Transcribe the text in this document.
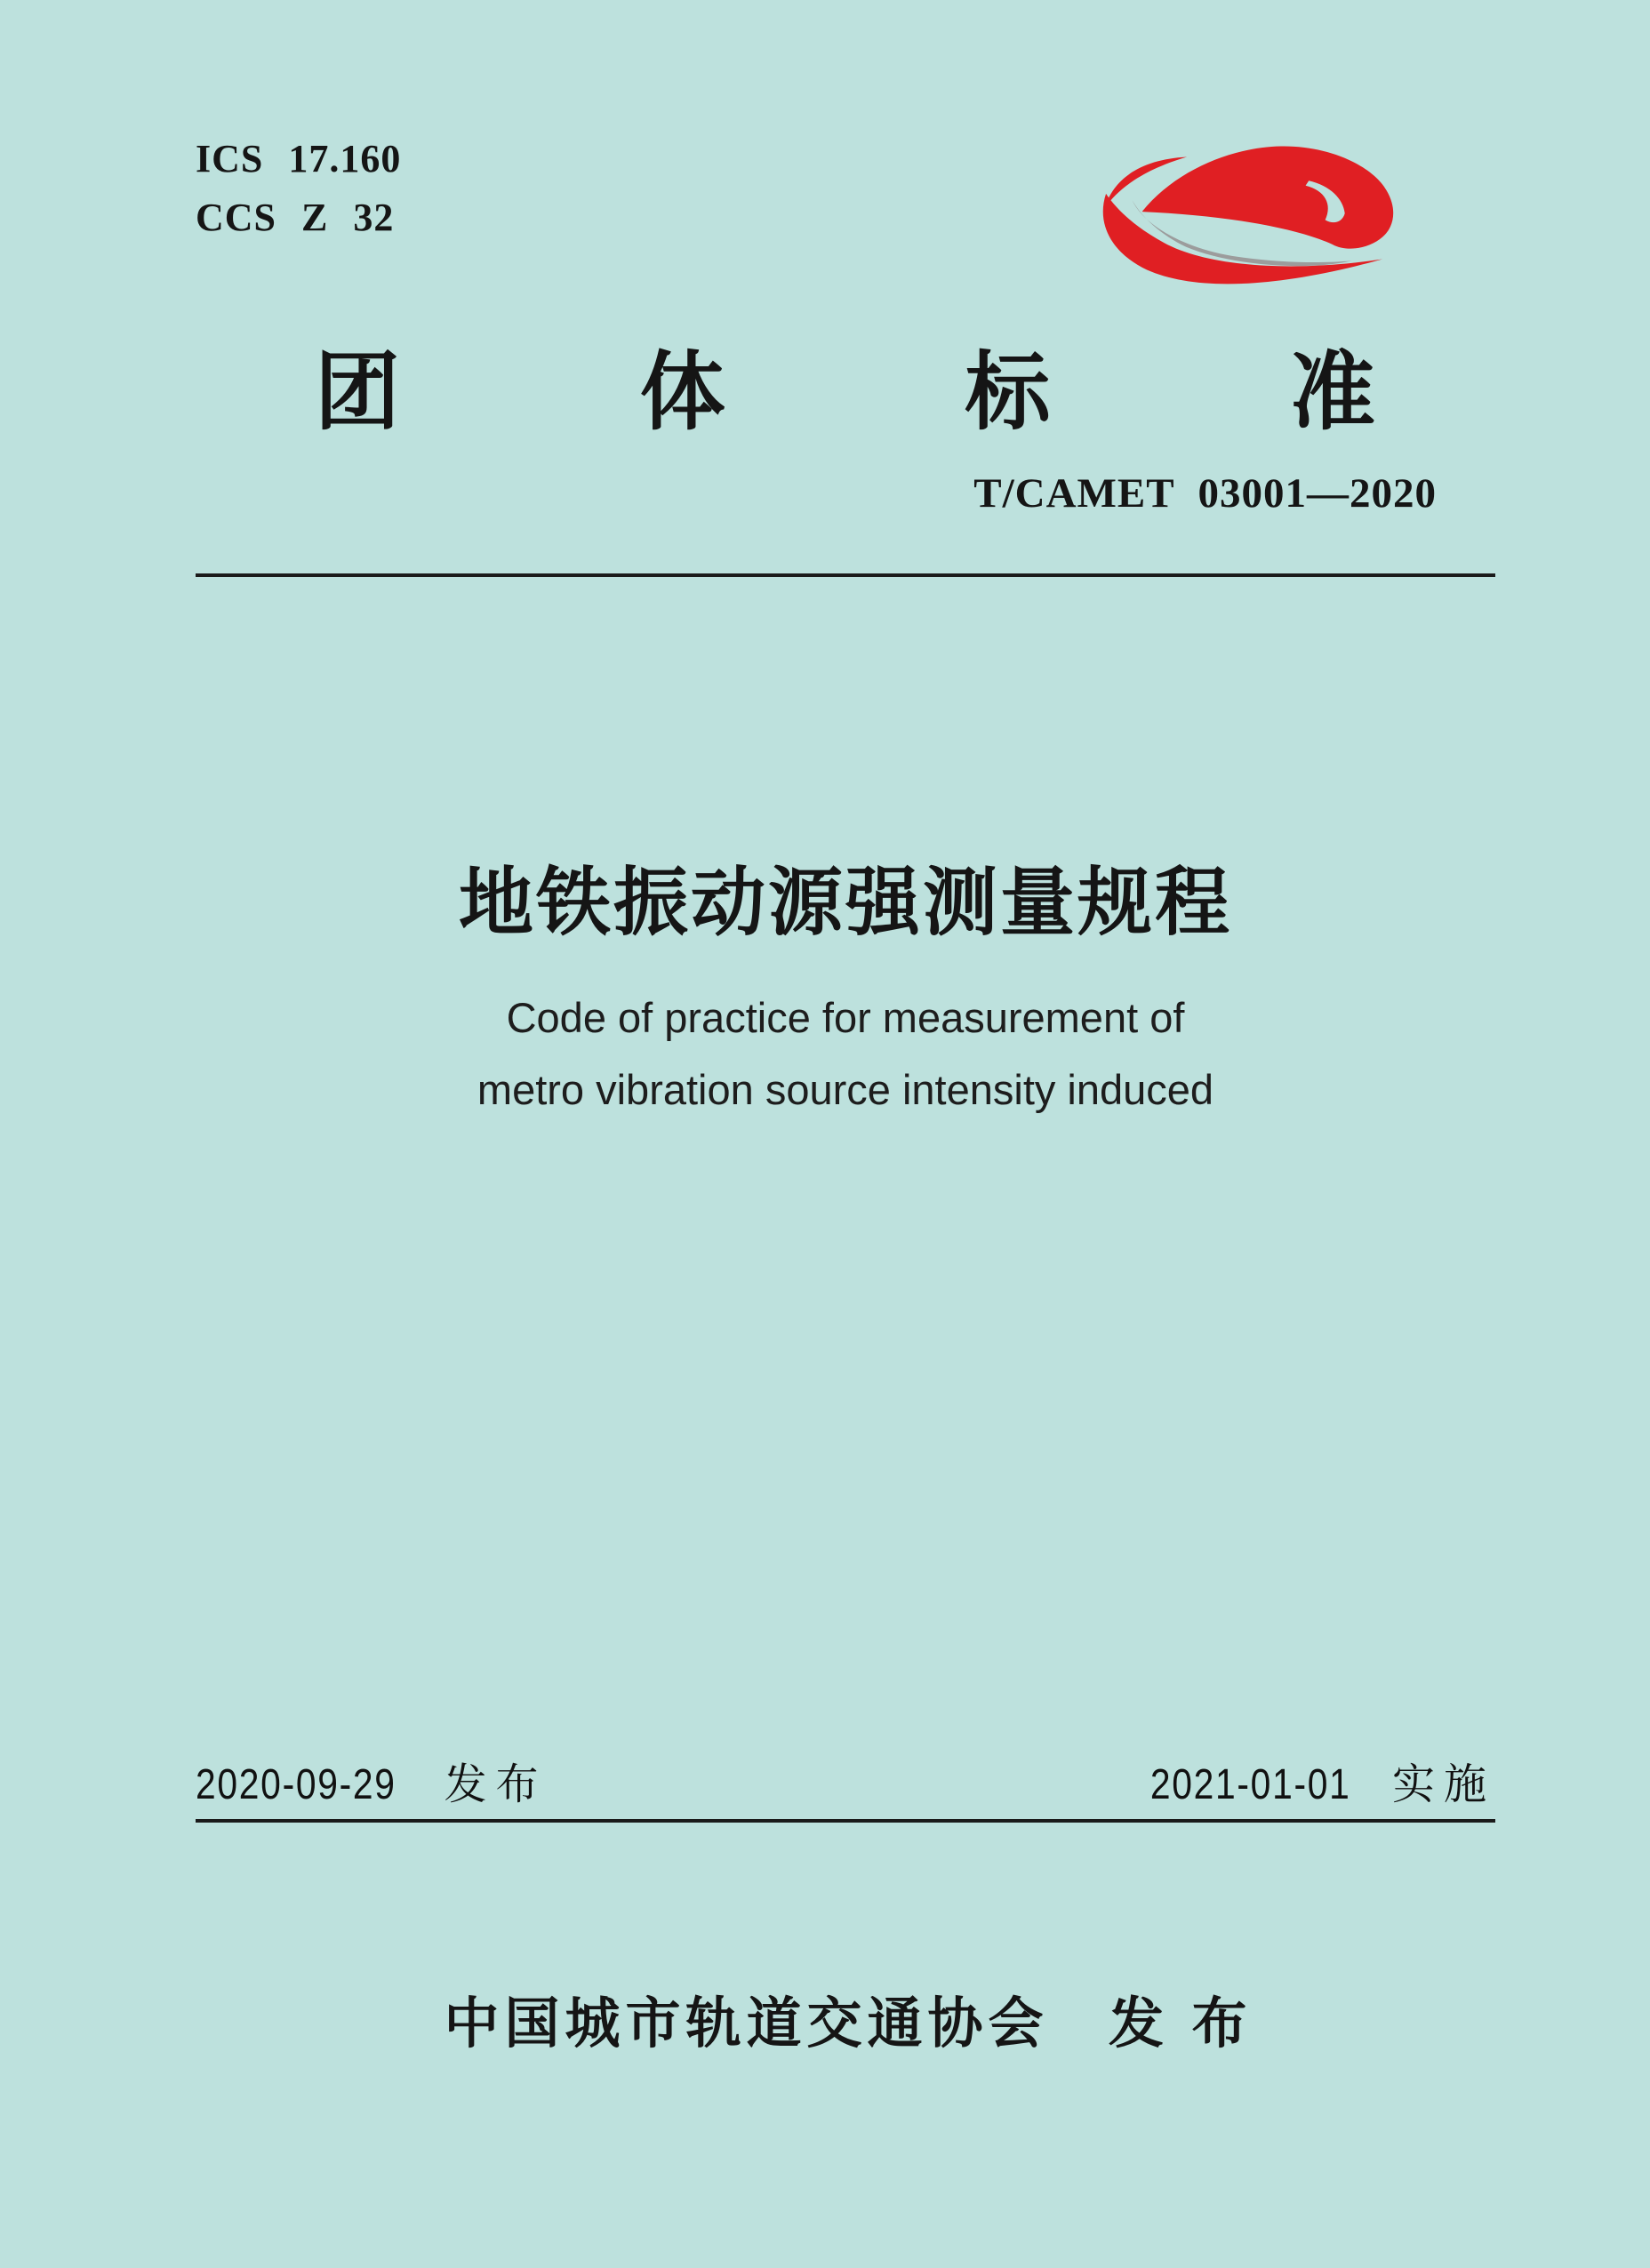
ICS 17.160
CCS Z 32
团	体	标	准
T/CAMET 03001—2020
地铁振动源强测量规程
Code of practice for measurement of
metro vibration source intensity induced
2020-09-29 发布	2021-01-01 实施
中国城市轨道交通协会 发 布
